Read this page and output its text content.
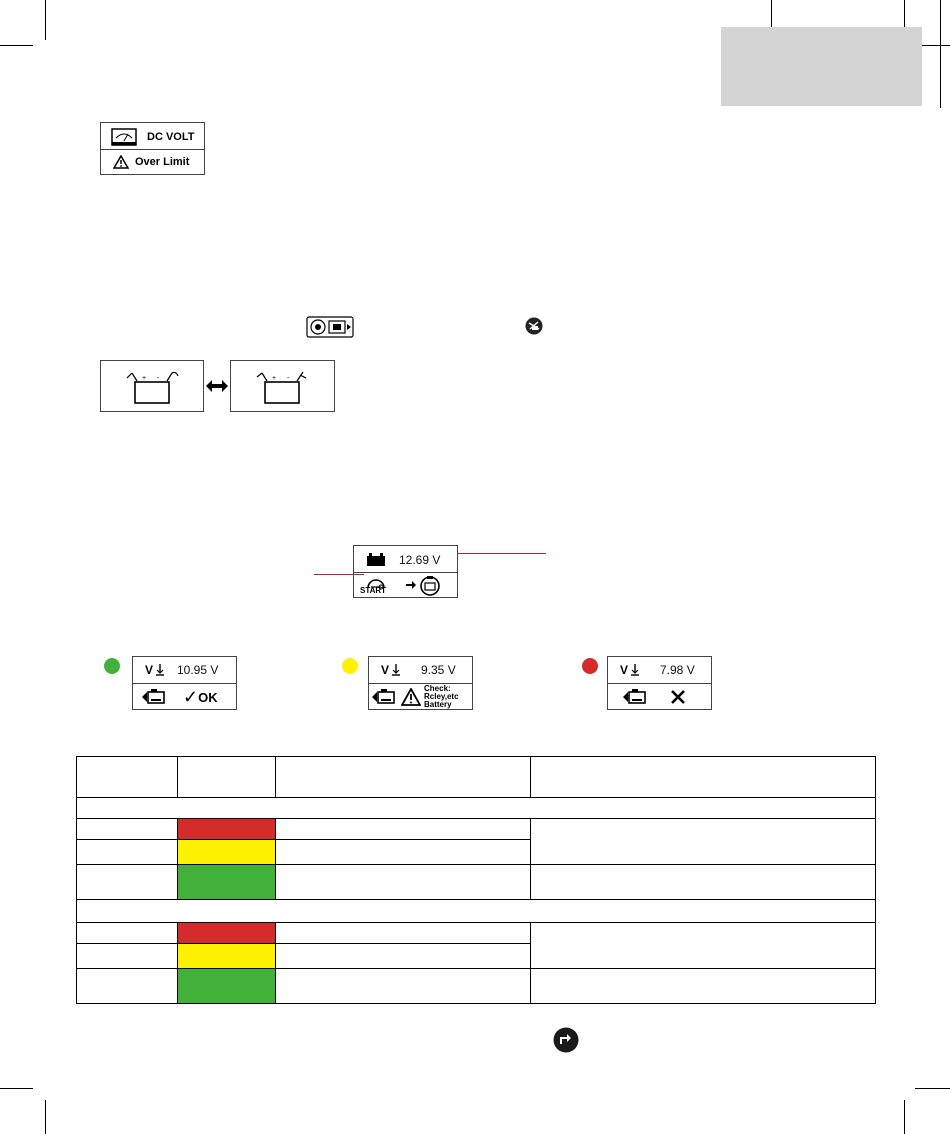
DC VOLT
Over Limit
+ -	+ -
12.69 V
START
V 10.95 V
✓ OK
V	9.35 V
Check:
Rcley,etc
Battery
V	7.98 V
